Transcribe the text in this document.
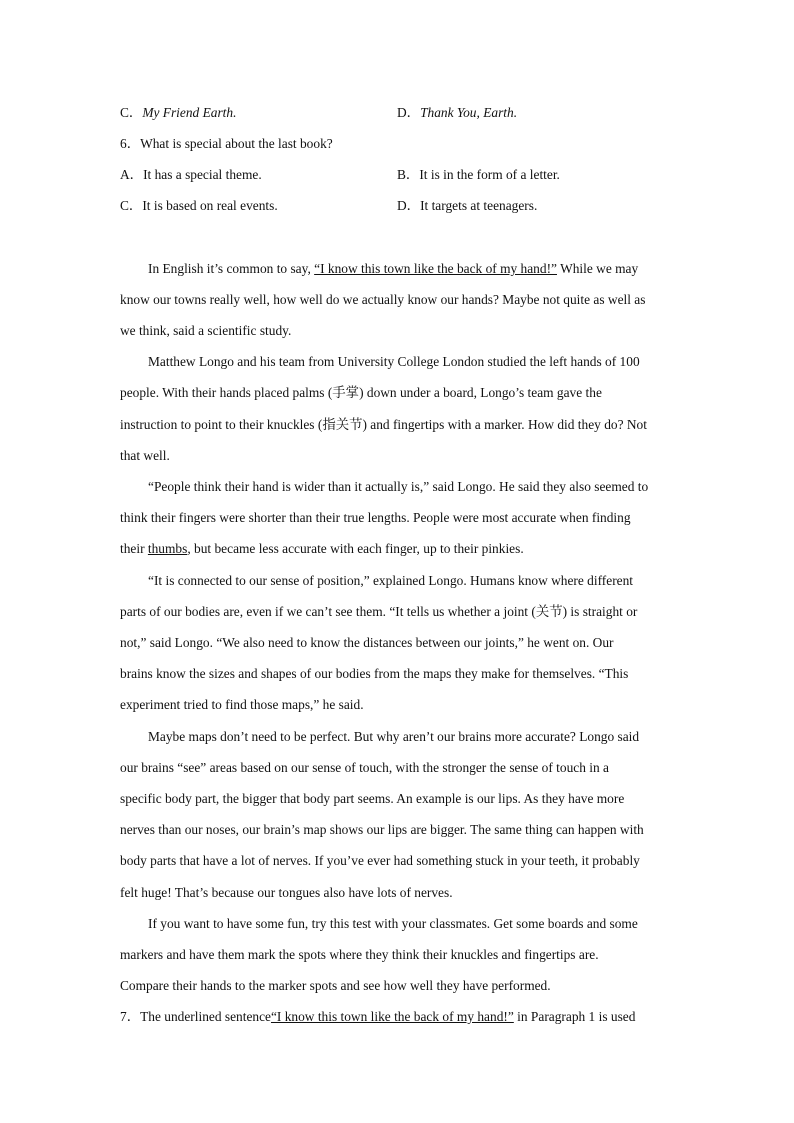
C．My Friend Earth.	D．Thank You, Earth.
6．What is special about the last book?
A．It has a special theme.	B．It is in the form of a letter.
C．It is based on real events.	D．It targets at teenagers.
In English it’s common to say, “I know this town like the back of my hand!” While we may
know our towns really well, how well do we actually know our hands? Maybe not quite as well as
we think, said a scientific study.
Matthew Longo and his team from University College London studied the left hands of 100
people. With their hands placed palms (手掌) down under a board, Longo’s team gave the
instruction to point to their knuckles (指关节) and fingertips with a marker. How did they do? Not
that well.
“People think their hand is wider than it actually is,” said Longo. He said they also seemed to
think their fingers were shorter than their true lengths. People were most accurate when finding
their thumbs, but became less accurate with each finger, up to their pinkies.
“It is connected to our sense of position,” explained Longo. Humans know where different
parts of our bodies are, even if we can’t see them. “It tells us whether a joint (关节) is straight or
not,” said Longo. “We also need to know the distances between our joints,” he went on. Our
brains know the sizes and shapes of our bodies from the maps they make for themselves. “This
experiment tried to find those maps,” he said.
Maybe maps don’t need to be perfect. But why aren’t our brains more accurate? Longo said
our brains “see” areas based on our sense of touch, with the stronger the sense of touch in a
specific body part, the bigger that body part seems. An example is our lips. As they have more
nerves than our noses, our brain’s map shows our lips are bigger. The same thing can happen with
body parts that have a lot of nerves. If you’ve ever had something stuck in your teeth, it probably
felt huge! That’s because our tongues also have lots of nerves.
If you want to have some fun, try this test with your classmates. Get some boards and some
markers and have them mark the spots where they think their knuckles and fingertips are.
Compare their hands to the marker spots and see how well they have performed.
7．The underlined sentence“I know this town like the back of my hand!” in Paragraph 1 is used
